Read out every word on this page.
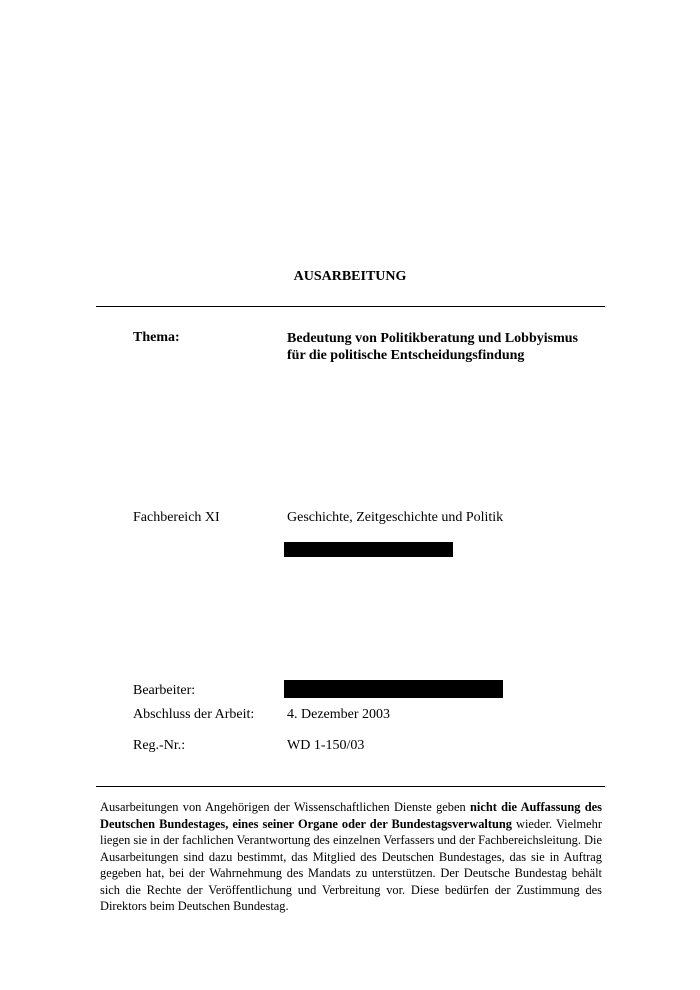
AUSARBEITUNG
Thema:	Bedeutung von Politikberatung und Lobbyismus
für die politische Entscheidungsfindung
Fachbereich XI	Geschichte, Zeitgeschichte und Politik
Bearbeiter:
Abschluss der Arbeit: 4. Dezember 2003
Reg.-Nr.:	WD 1-150/03
Ausarbeitungen von Angehörigen der Wissenschaftlichen Dienste geben nicht die Auffassung des Deutschen Bundestages, eines seiner Organe oder der Bundestagsverwaltung wieder. Vielmehr liegen sie in der fachlichen Verantwortung des einzelnen Verfassers und der Fachbereichsleitung. Die Ausarbeitungen sind dazu bestimmt, das Mitglied des Deutschen Bundestages, das sie in Auftrag gegeben hat, bei der Wahrnehmung des Mandats zu unterstützen. Der Deutsche Bundestag behält sich die Rechte der Veröffentlichung und Verbreitung vor. Diese bedürfen der Zustimmung des Direktors beim Deutschen Bundestag.
